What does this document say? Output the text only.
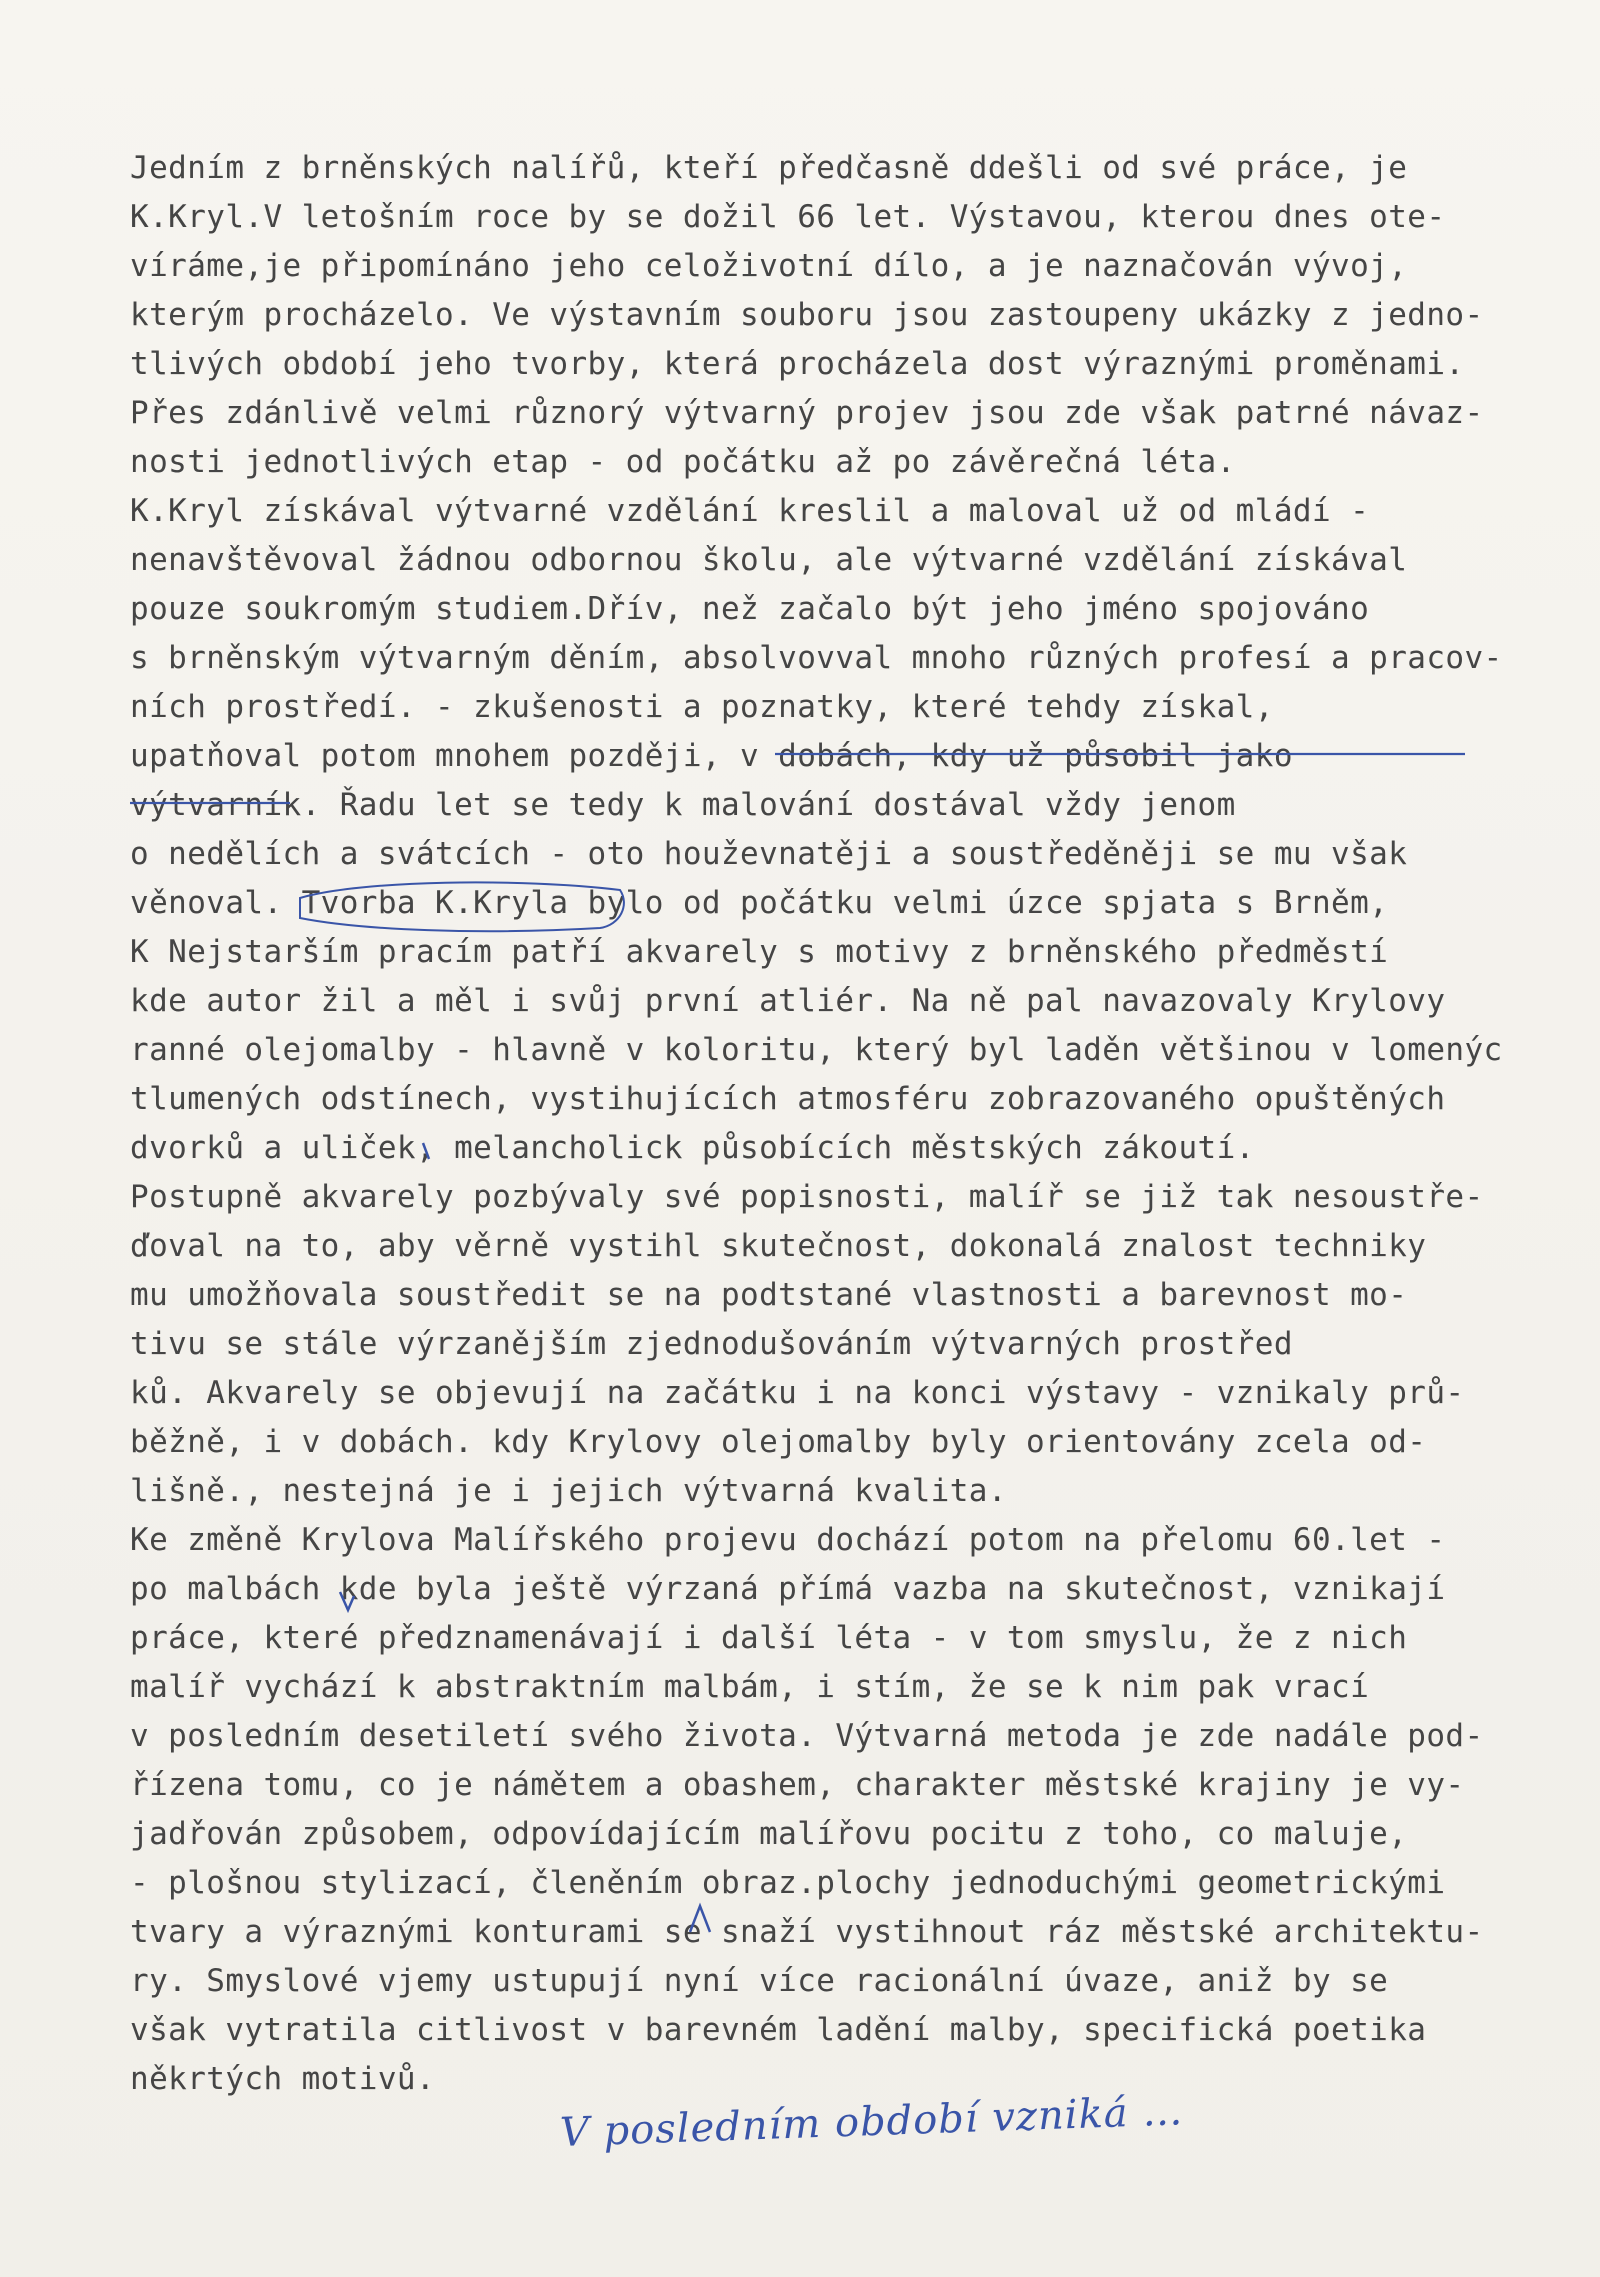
Jedním z brněnských nalířů, kteří předčasně ddešli od své práce, je
K.Kryl.V letošním roce by se dožil 66 let. Výstavou, kterou dnes ote-
víráme,je připomínáno jeho celoživotní dílo, a je naznačován vývoj,
kterým procházelo. Ve výstavním souboru jsou zastoupeny ukázky z jedno-
tlivých období jeho tvorby, která procházela dost výraznými proměnami.
Přes zdánlivě velmi různorý výtvarný projev jsou zde však patrné návaz-
nosti jednotlivých etap - od počátku až po závěrečná léta.
K.Kryl získával výtvarné vzdělání kreslil a maloval už od mládí -
nenavštěvoval žádnou odbornou školu, ale výtvarné vzdělání získával
pouze soukromým studiem.Dřív, než začalo být jeho jméno spojováno
s brněnským výtvarným děním, absolvovval mnoho různých profesí a pracov-
ních prostředí. - zkušenosti a poznatky, které tehdy získal,
upatňoval potom mnohem později, v dobách, kdy už působil jako
výtvarník. Řadu let se tedy k malování dostával vždy jenom
o nedělích a svátcích - oto houževnatěji a soustředěněji se mu však
věnoval. Tvorba K.Kryla bylo od počátku velmi úzce spjata s Brněm,
K Nejstarším pracím patří akvarely s motivy z brněnského předměstí
kde autor žil a měl i svůj první atliér. Na ně pal navazovaly Krylovy
ranné olejomalby - hlavně v koloritu, který byl laděn většinou v lomenýc
tlumených odstínech, vystihujících atmosféru zobrazovaného opuštěných
dvorků a uliček, melancholick působících městských zákoutí.
Postupně akvarely pozbývaly své popisnosti, malíř se již tak nesoustře-
ďoval na to, aby věrně vystihl skutečnost, dokonalá znalost techniky
mu umožňovala soustředit se na podtstané vlastnosti a barevnost mo-
tivu se stále výrzanějším zjednodušováním výtvarných prostřed
ků. Akvarely se objevují na začátku i na konci výstavy - vznikaly prů-
běžně, i v dobách. kdy Krylovy olejomalby byly orientovány zcela od-
lišně., nestejná je i jejich výtvarná kvalita.
Ke změně Krylova Malířského projevu dochází potom na přelomu 60.let -
po malbách kde byla ještě výrzaná přímá vazba na skutečnost, vznikají
práce, které předznamenávají i další léta - v tom smyslu, že z nich
malíř vychází k abstraktním malbám, i stím, že se k nim pak vrací
v posledním desetiletí svého života. Výtvarná metoda je zde nadále pod-
řízena tomu, co je námětem a obashem, charakter městské krajiny je vy-
jadřován způsobem, odpovídajícím malířovu pocitu z toho, co maluje,
- plošnou stylizací, členěním obraz.plochy jednoduchými geometrickými
tvary a výraznými konturami se snaží vystihnout ráz městské architektu-
ry. Smyslové vjemy ustupují nyní více racionální úvaze, aniž by se
však vytratila citlivost v barevném ladění malby, specifická poetika
někrtých motivů.
V posledním období vzniká …
